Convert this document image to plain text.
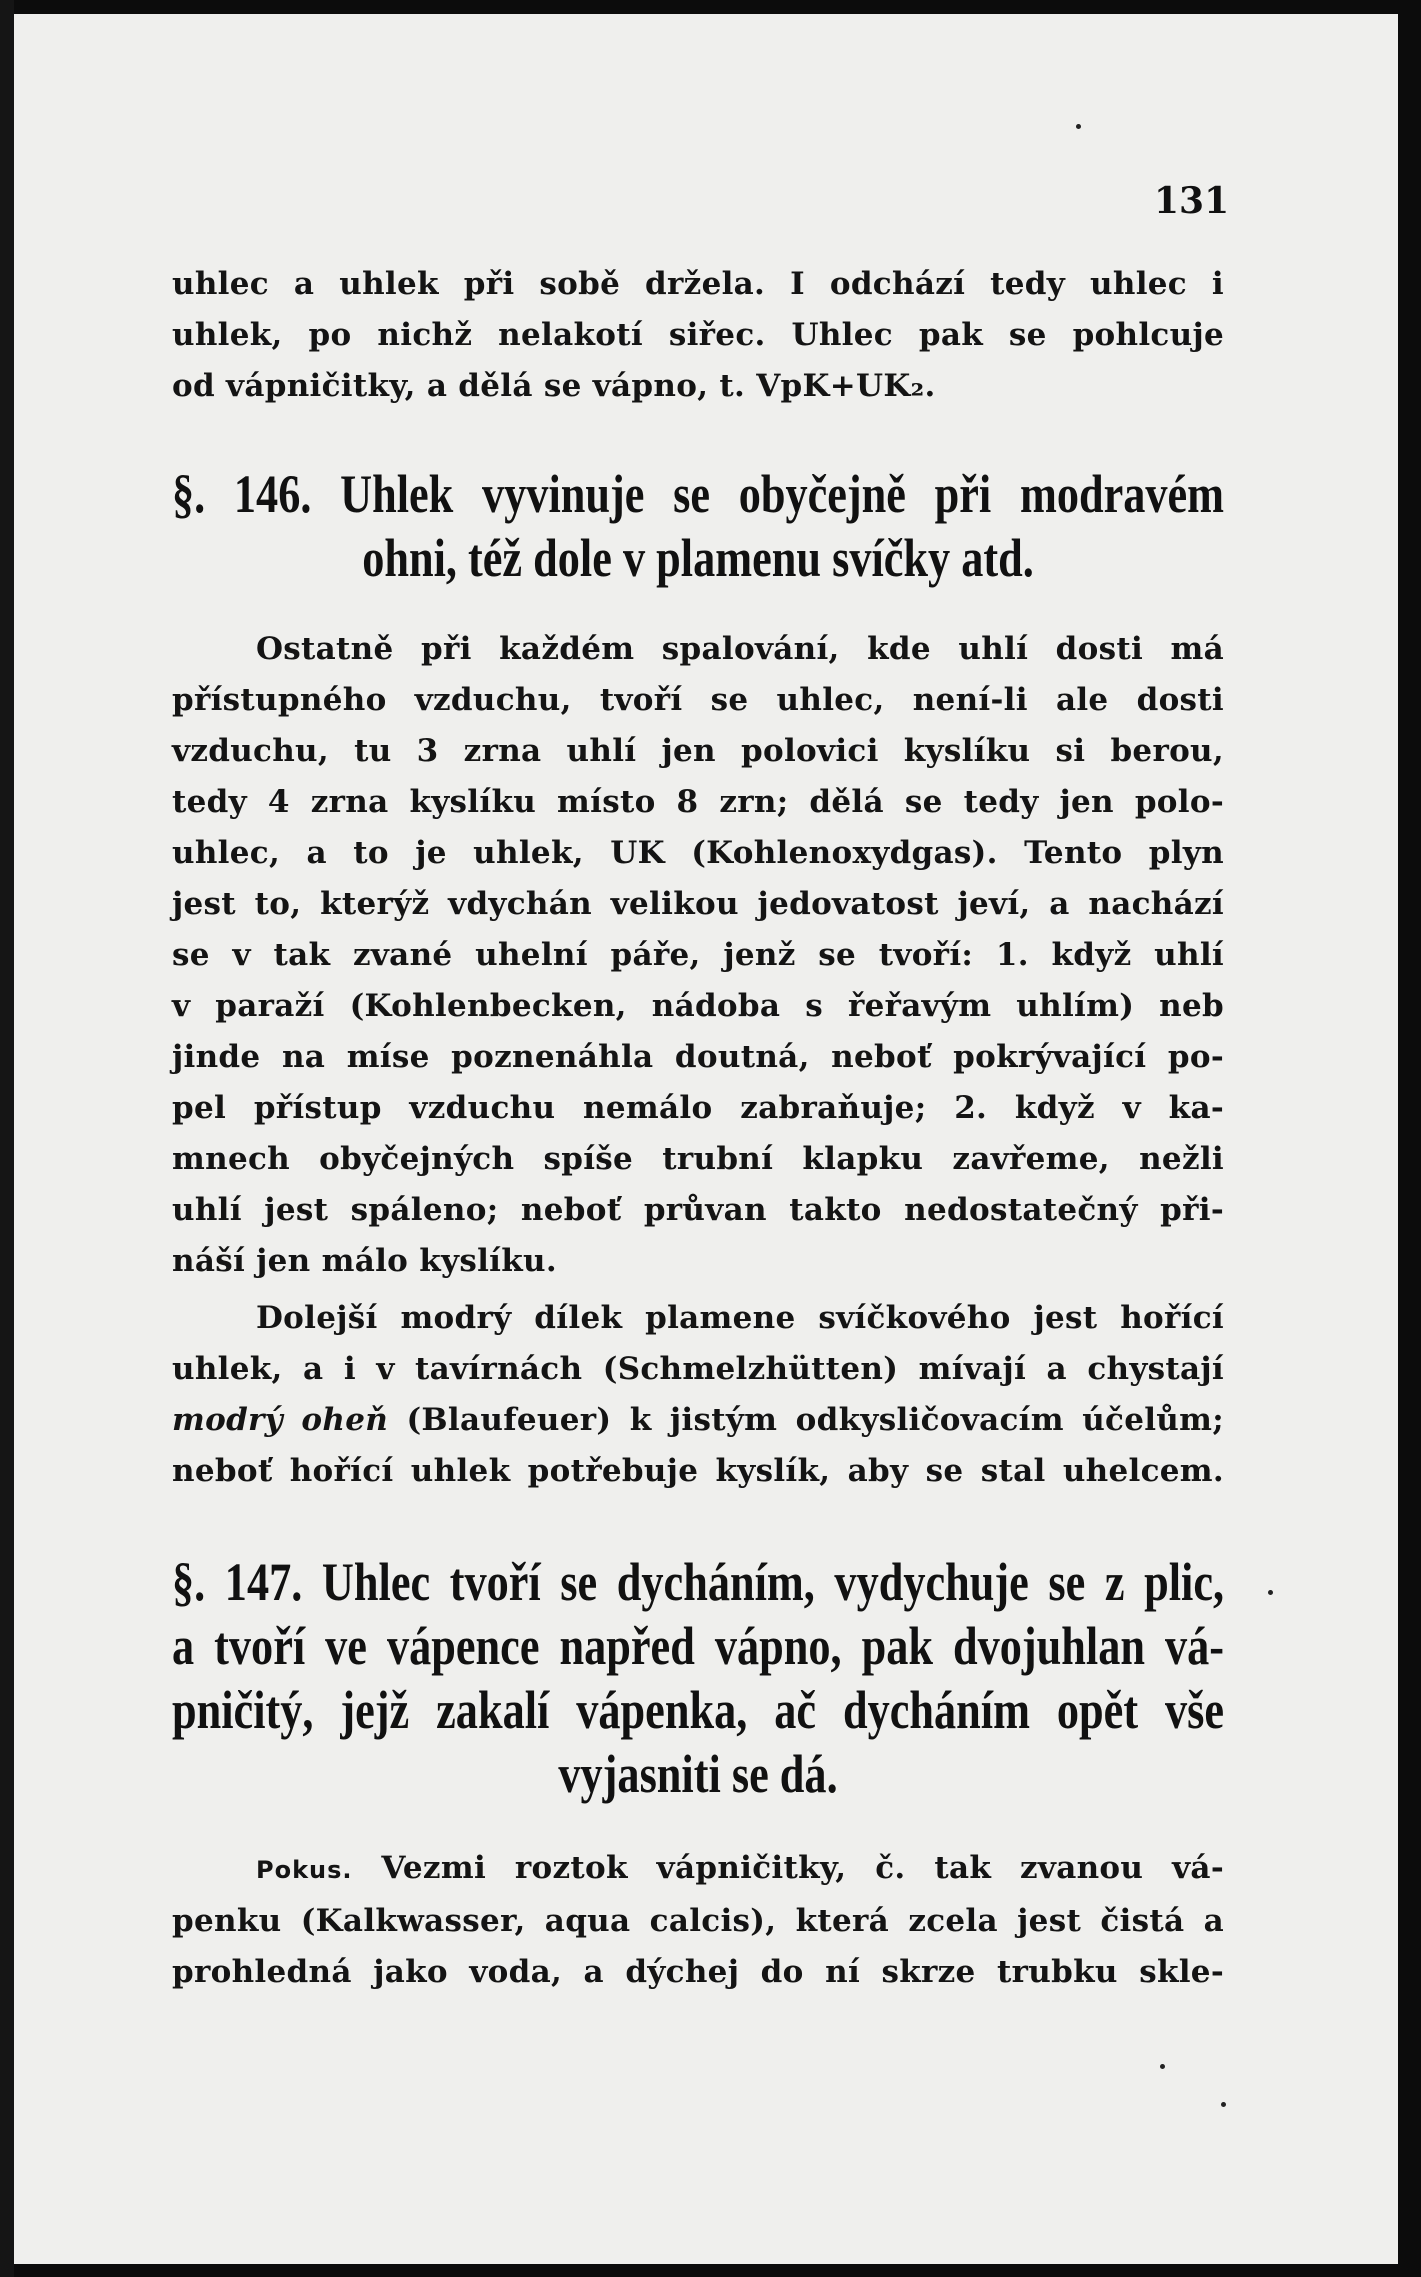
131
uhlec a uhlek při sobě držela. I odchází tedy uhlec i
uhlek, po nichž nelakotí siřec. Uhlec pak se pohlcuje
od vápničitky, a dělá se vápno, t. VpK+UK₂.
§. 146. Uhlek vyvinuje se obyčejně při modravém
ohni, též dole v plamenu svíčky atd.
Ostatně při každém spalování, kde uhlí dosti má
přístupného vzduchu, tvoří se uhlec, není-li ale dosti
vzduchu, tu 3 zrna uhlí jen polovici kyslíku si berou,
tedy 4 zrna kyslíku místo 8 zrn; dělá se tedy jen polo-
uhlec, a to je uhlek, UK (Kohlenoxydgas). Tento plyn
jest to, kterýž vdychán velikou jedovatost jeví, a nachází
se v tak zvané uhelní páře, jenž se tvoří: 1. když uhlí
v paraží (Kohlenbecken, nádoba s řeřavým uhlím) neb
jinde na míse poznenáhla doutná, neboť pokrývající po-
pel přístup vzduchu nemálo zabraňuje; 2. když v ka-
mnech obyčejných spíše trubní klapku zavřeme, nežli
uhlí jest spáleno; neboť průvan takto nedostatečný při-
náší jen málo kyslíku.
Dolejší modrý dílek plamene svíčkového jest hořící
uhlek, a i v tavírnách (Schmelzhütten) mívají a chystají
modrý oheň (Blaufeuer) k jistým odkysličovacím účelům;
neboť hořící uhlek potřebuje kyslík, aby se stal uhelcem.
§. 147. Uhlec tvoří se dycháním, vydychuje se z plic,
a tvoří ve vápence napřed vápno, pak dvojuhlan vá-
pničitý, jejž zakalí vápenka, ač dycháním opět vše
vyjasniti se dá.
Pokus. Vezmi roztok vápničitky, č. tak zvanou vá-
penku (Kalkwasser, aqua calcis), která zcela jest čistá a
prohledná jako voda, a dýchej do ní skrze trubku skle-
